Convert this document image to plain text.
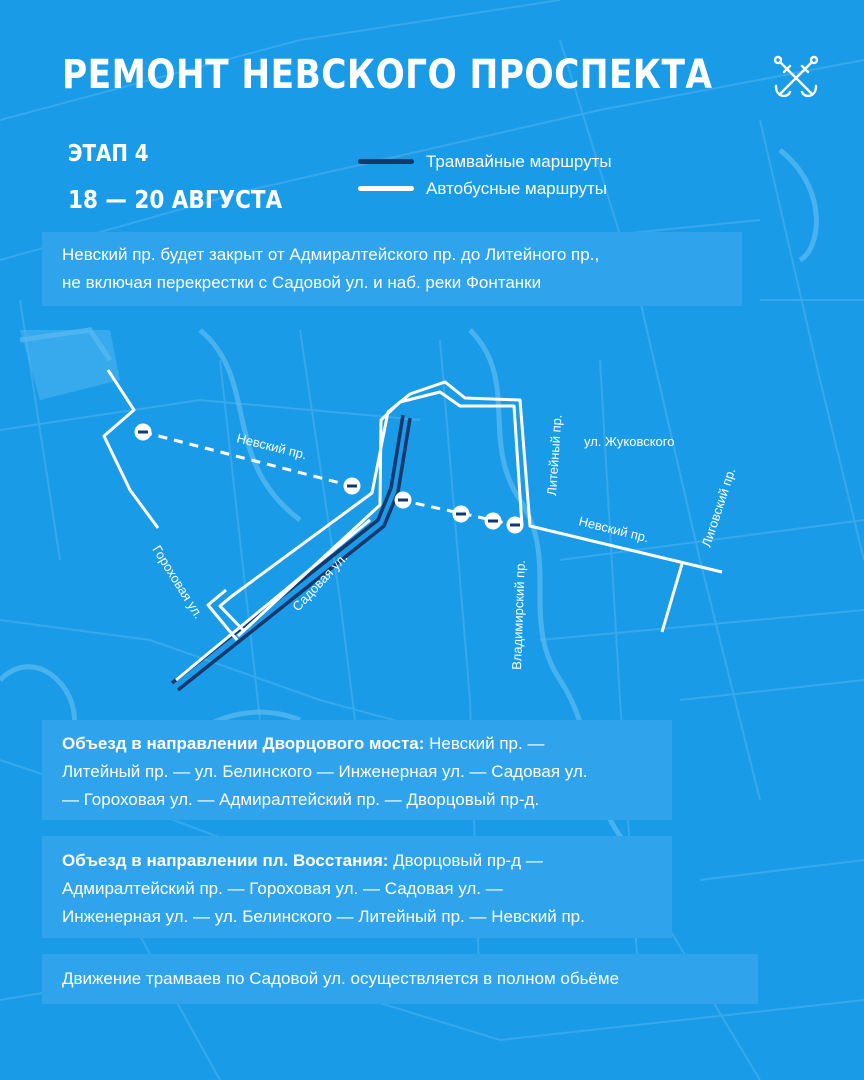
Невский пр.
Невский пр.
Гороховая ул.	Садовая ул.	Владимирский пр.
Литейный пр. ул. Жуковского
Лиговский пр.
РЕМОНТ НЕВСКОГО ПРОСПЕКТА
ЭТАП 4
18 — 20 АВГУСТА
Трамвайные маршруты
Автобусные маршруты
Невский пр. будет закрыт от Адмиралтейского пр. до Литейного пр.,
не включая перекрестки с Садовой ул. и наб. реки Фонтанки
Объезд в направлении Дворцового моста: Невский пр. —
Литейный пр. — ул. Белинского — Инженерная ул. — Садовая ул.
— Гороховая ул. — Адмиралтейский пр. — Дворцовый пр-д.
Объезд в направлении пл. Восстания: Дворцовый пр-д —
Адмиралтейский пр. — Гороховая ул. — Садовая ул. —
Инженерная ул. — ул. Белинского — Литейный пр. — Невский пр.
Движение трамваев по Садовой ул. осуществляется в полном обьёме
